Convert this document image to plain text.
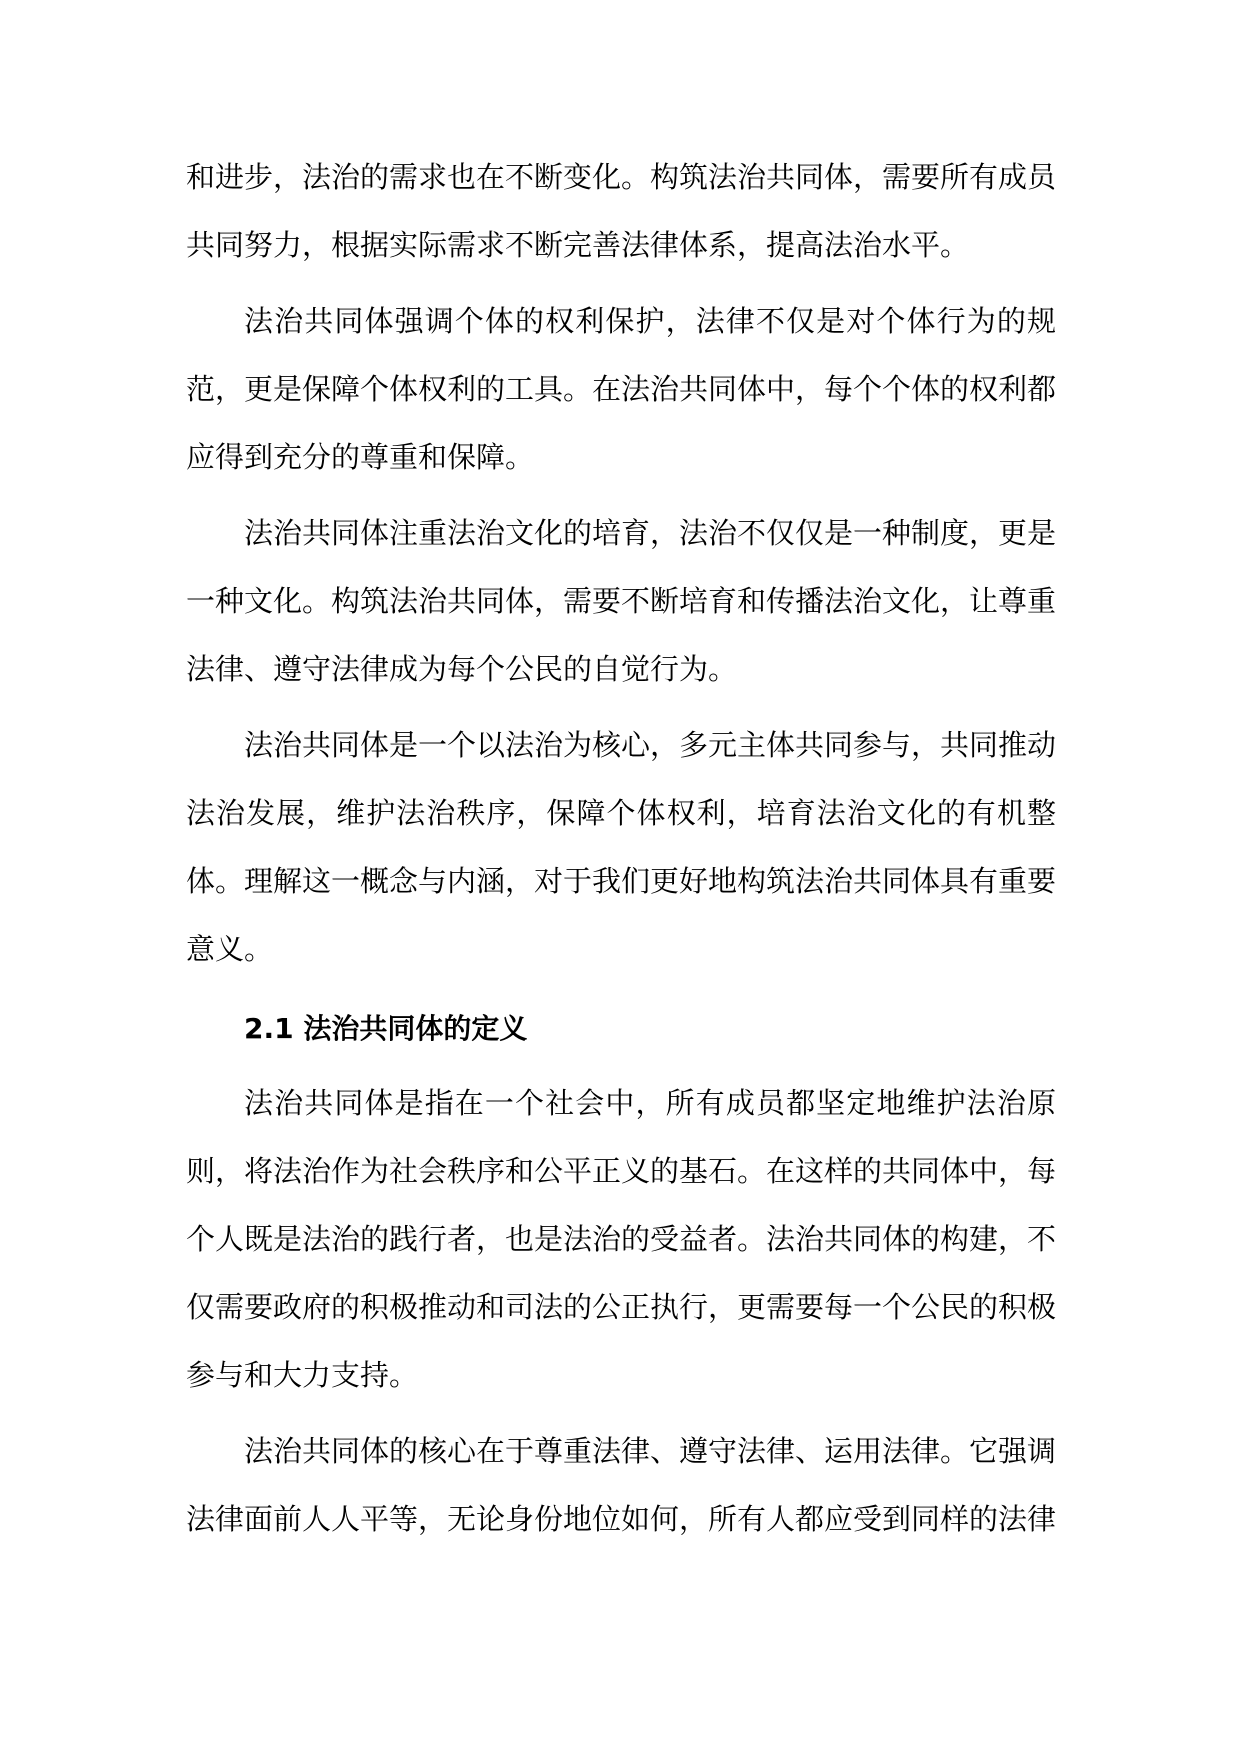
和进步，法治的需求也在不断变化。构筑法治共同体，需要所有成员共同努力，根据实际需求不断完善法律体系，提高法治水平。

法治共同体强调个体的权利保护，法律不仅是对个体行为的规范，更是保障个体权利的工具。在法治共同体中，每个个体的权利都应得到充分的尊重和保障。

法治共同体注重法治文化的培育，法治不仅仅是一种制度，更是一种文化。构筑法治共同体，需要不断培育和传播法治文化，让尊重法律、遵守法律成为每个公民的自觉行为。

法治共同体是一个以法治为核心，多元主体共同参与，共同推动法治发展，维护法治秩序，保障个体权利，培育法治文化的有机整体。理解这一概念与内涵，对于我们更好地构筑法治共同体具有重要意义。

2.1 法治共同体的定义

法治共同体是指在一个社会中，所有成员都坚定地维护法治原则，将法治作为社会秩序和公平正义的基石。在这样的共同体中，每个人既是法治的践行者，也是法治的受益者。法治共同体的构建，不仅需要政府的积极推动和司法的公正执行，更需要每一个公民的积极参与和大力支持。

法治共同体的核心在于尊重法律、遵守法律、运用法律。它强调法律面前人人平等，无论身份地位如何，所有人都应受到同样的法律
